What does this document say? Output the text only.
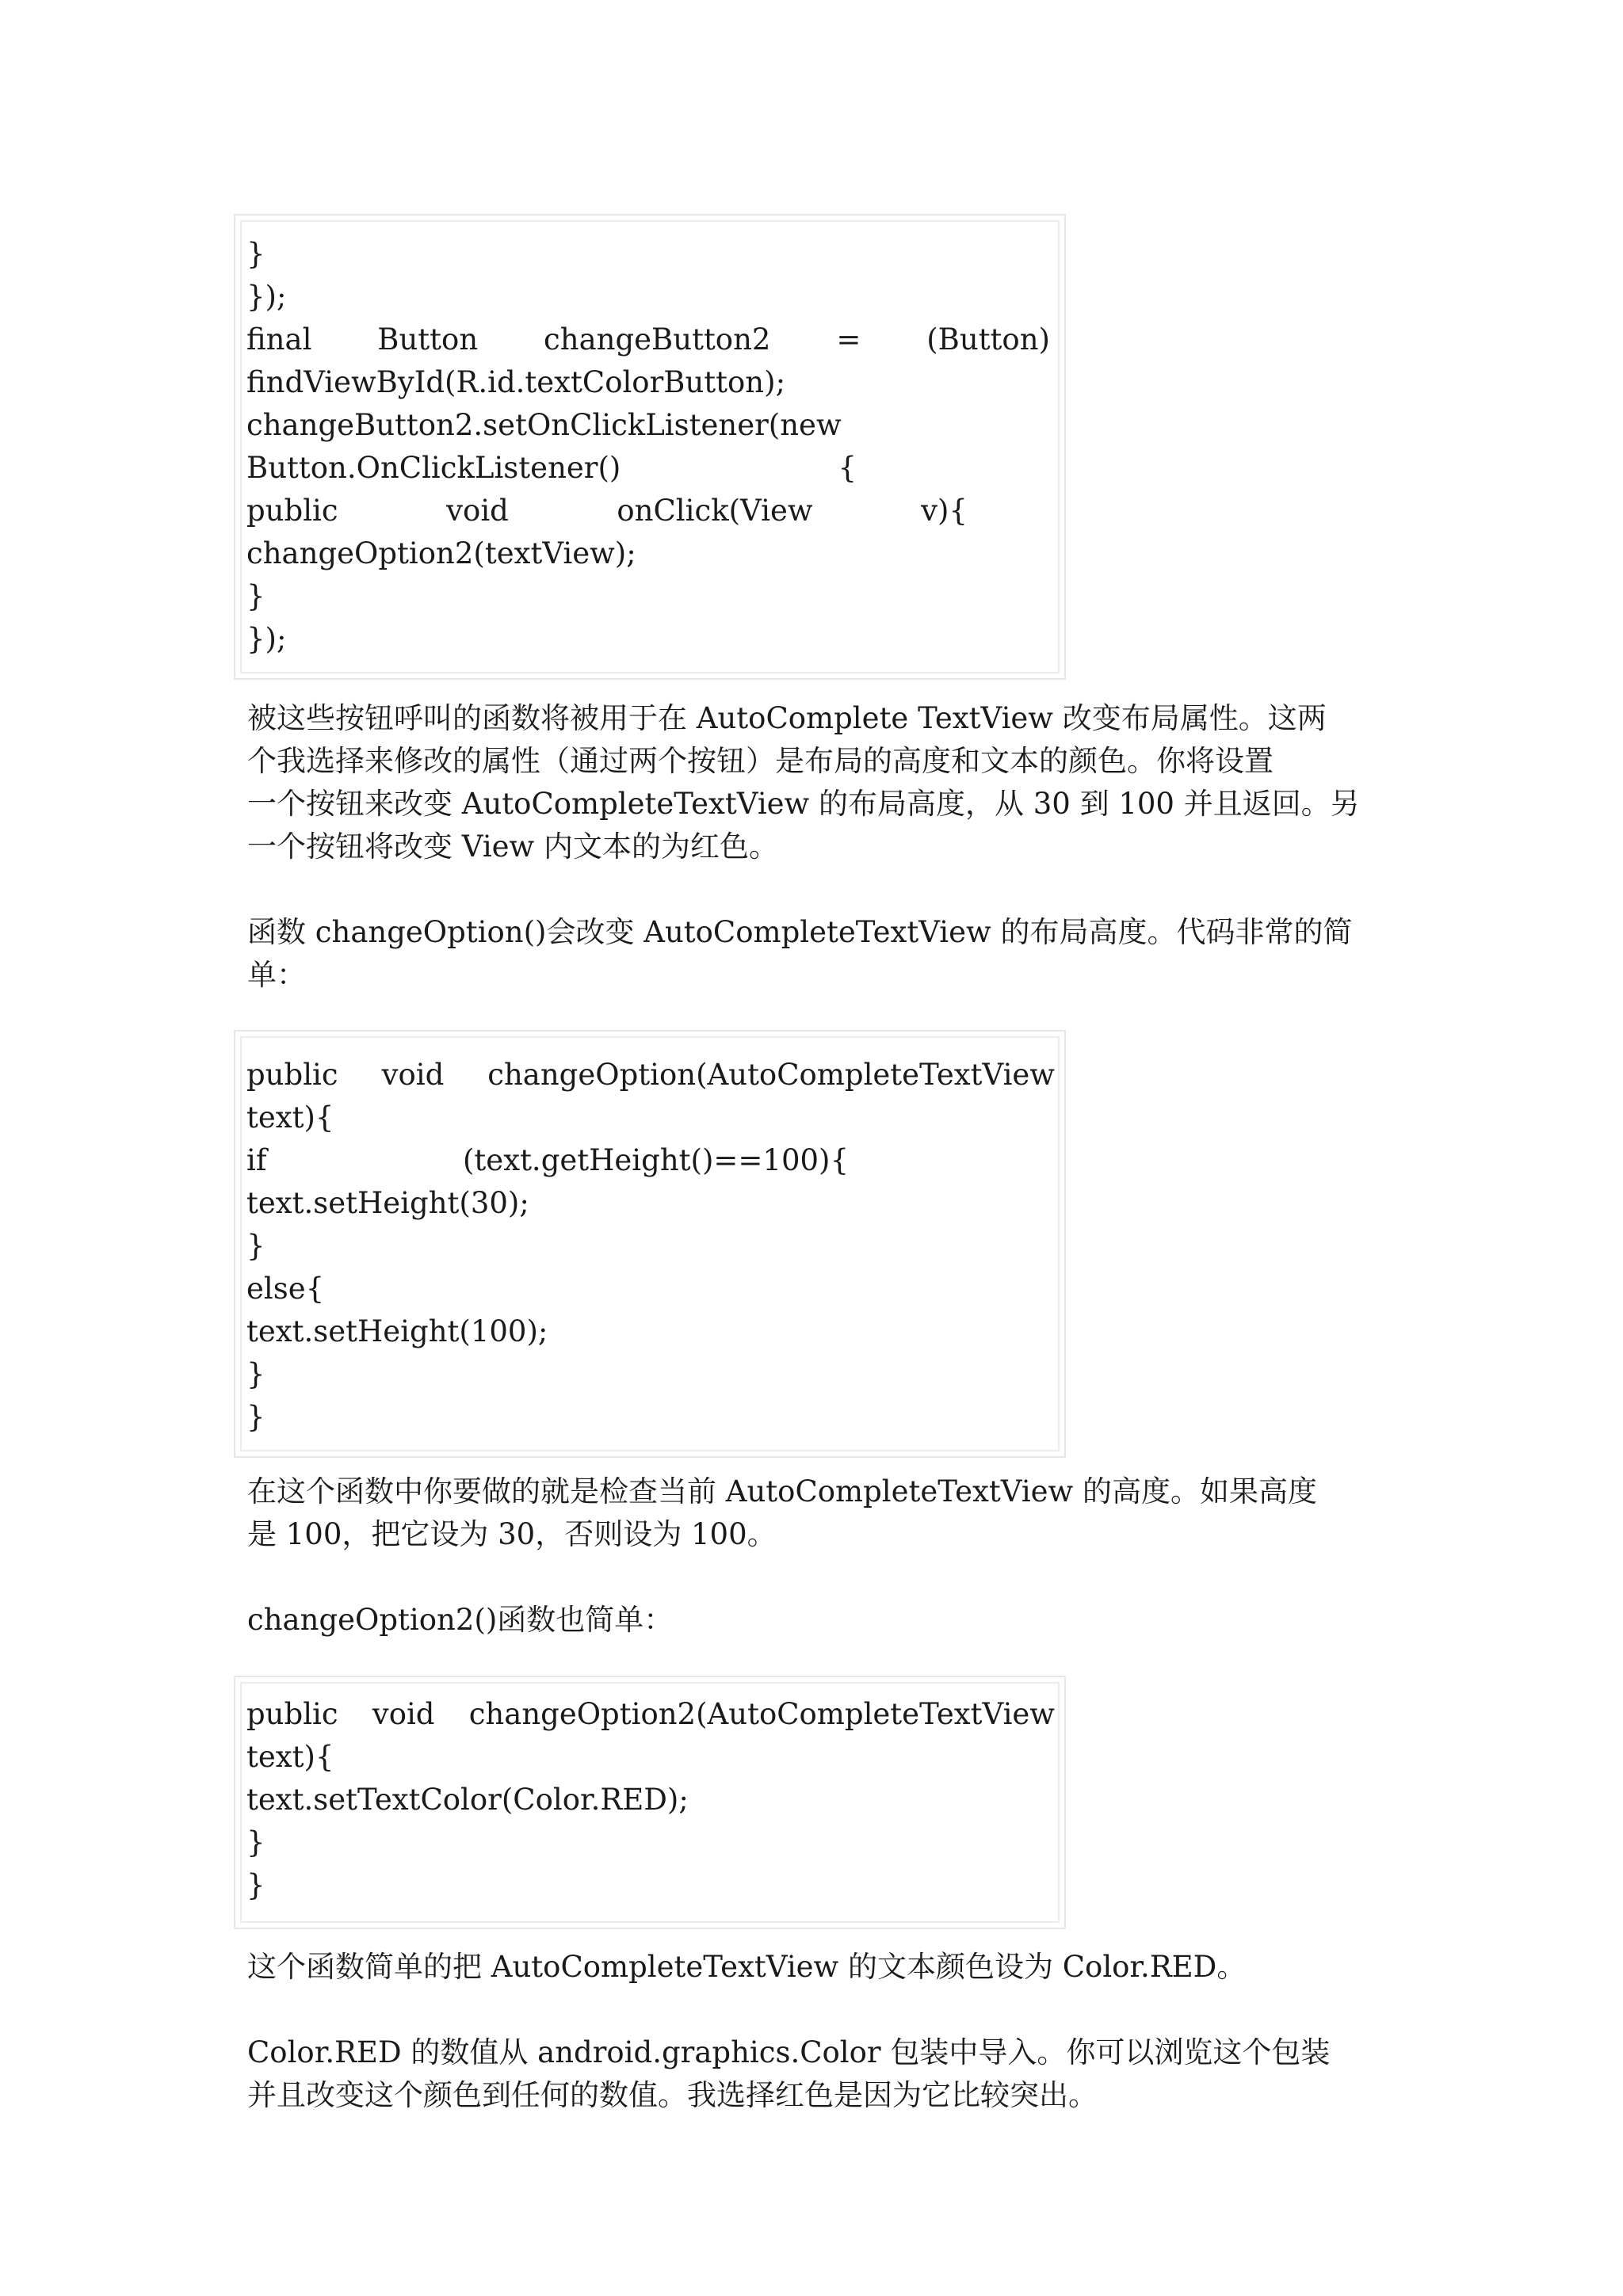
}
});
final Button changeButton2 = (Button)
findViewById(R.id.textColorButton);
changeButton2.setOnClickListener(new
Button.OnClickListener()	{
public	void	onClick(View	v){
changeOption2(textView);
}
});
被这些按钮呼叫的函数将被用于在 AutoComplete TextView 改变布局属性。这两
个我选择来修改的属性（通过两个按钮）是布局的高度和文本的颜色。你将设置
一个按钮来改变 AutoCompleteTextView 的布局高度，从 30 到 100 并且返回。另
一个按钮将改变 View 内文本的为红色。
函数 changeOption()会改变 AutoCompleteTextView 的布局高度。代码非常的简
单：
public void changeOption(AutoCompleteTextView
text){
if	(text.getHeight()==100){
text.setHeight(30);
}
else{
text.setHeight(100);
}
}
在这个函数中你要做的就是检查当前 AutoCompleteTextView 的高度。如果高度
是 100，把它设为 30，否则设为 100。
changeOption2()函数也简单：
public void changeOption2(AutoCompleteTextView
text){
text.setTextColor(Color.RED);
}
}
这个函数简单的把 AutoCompleteTextView 的文本颜色设为 Color.RED。
Color.RED 的数值从 android.graphics.Color 包装中导入。你可以浏览这个包装
并且改变这个颜色到任何的数值。我选择红色是因为它比较突出。
